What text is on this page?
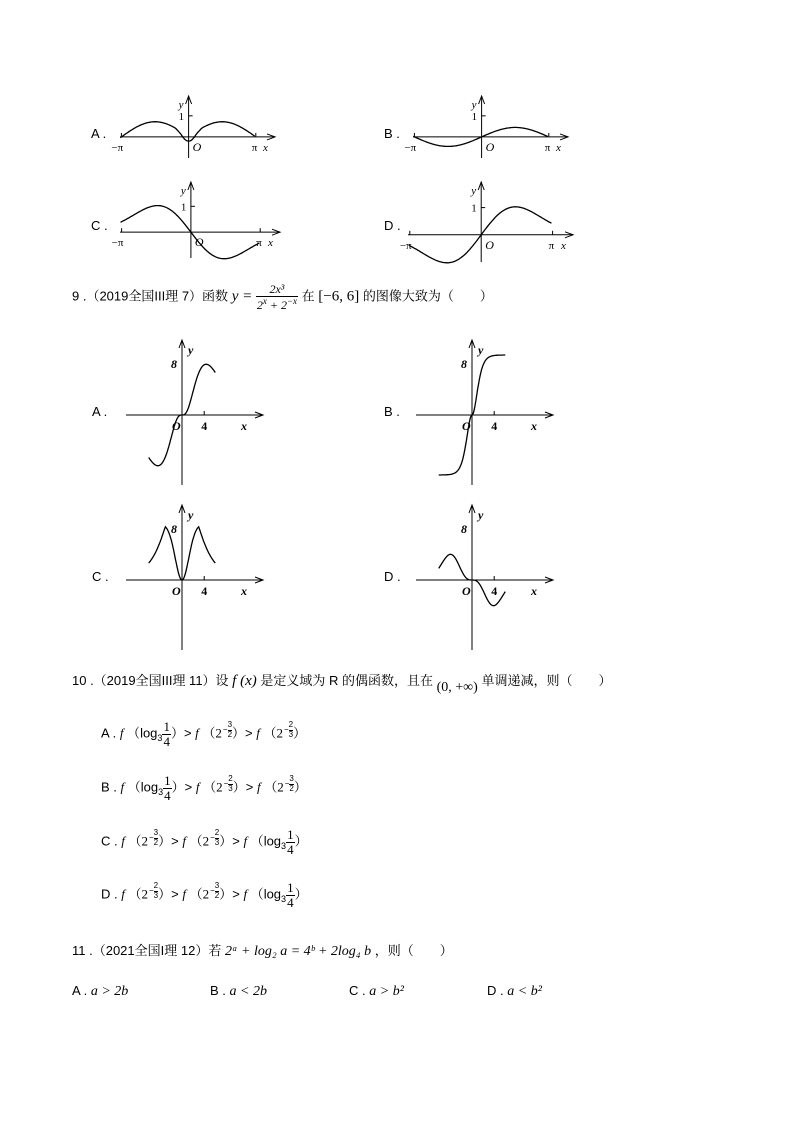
A .
y
1
−π	O	π x
B .
y
1
−π	O	π x
C .
y
1
−π	O	π x
D .
y
1
−π	O	π x
9 .（2019全国III理 7）函数 $y = \frac{\text{2x³}}{2^x + 2^{-x}}$ 在 [−6, 6] 的图像大致为（　　）
A .
8
y
O 4	x
B .
8
y
O 4	x
C .
8
y
O 4	x
D .
8
y
O 4	x
10 .（2019全国III理 11）设 f (x) 是定义域为 R 的偶函数，且在 (0, +∞) 单调递减，则（　　）
A . f （$\log_3 \frac{1}{4}$ ）> f （$2- \frac{3}{2}$ ）> f （$2- \frac{2}{3}$ ）
B . f （$\log_3 \frac{1}{4}$ ）> f （$2- \frac{2}{3}$ ）> f （$2- \frac{3}{2}$ ）
C . f （$2- \frac{3}{2}$ ）> f （$2- \frac{2}{3}$ ）> f （$\log_3 \frac{1}{4}$ ）
D . f （$2- \frac{2}{3}$ ）> f （$2- \frac{3}{2}$ ）> f （$\log_3 \frac{1}{4}$ ）
11 .（2021全国I理 12）若 2ᵃ + log₂ a = 4ᵇ + 2log₄ b ，则（　　）
A . a > 2b	B . a < 2b	C . a > b²	D . a < b²
